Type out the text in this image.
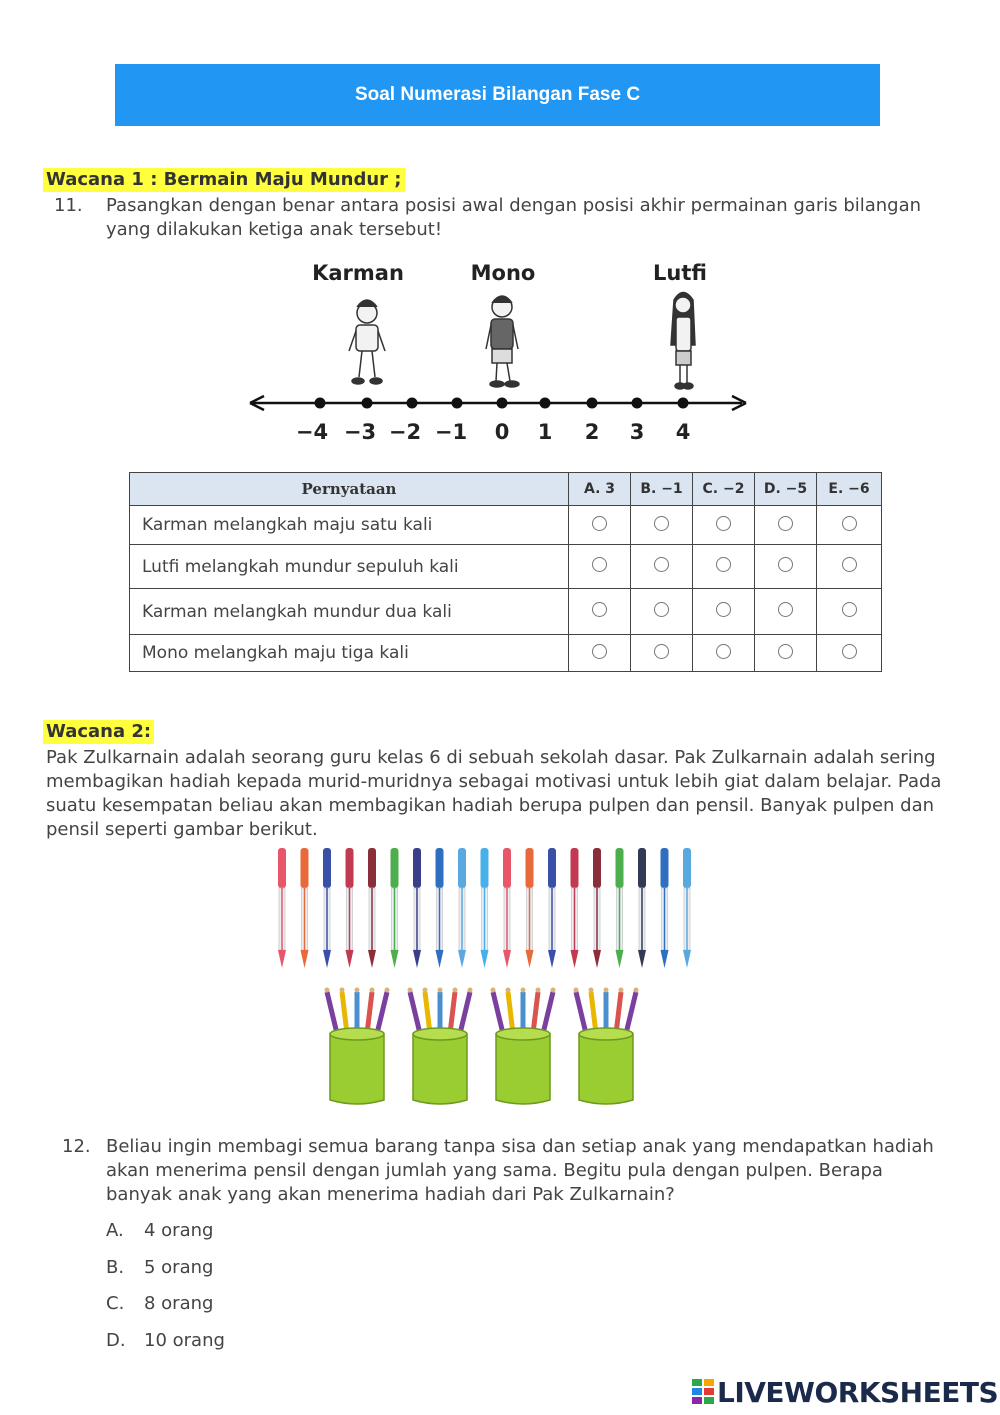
Soal Numerasi Bilangan Fase C
Wacana 1 : Bermain Maju Mundur ;
11. Pasangkan dengan benar antara posisi awal dengan posisi akhir permainan garis bilangan yang dilakukan ketiga anak tersebut!
Karman	Mono	Lutfi
−4 −3 −2 −1 0 1 2 3 4
Pernyataan	A. 3	B. −1	C. −2	D. −5	E. −6
Karman melangkah maju satu kali					
Lutfi melangkah mundur sepuluh kali					
Karman melangkah mundur dua kali					
Mono melangkah maju tiga kali					
Wacana 2:
Pak Zulkarnain adalah seorang guru kelas 6 di sebuah sekolah dasar. Pak Zulkarnain adalah sering membagikan hadiah kepada murid-muridnya sebagai motivasi untuk lebih giat dalam belajar. Pada suatu kesempatan beliau akan membagikan hadiah berupa pulpen dan pensil. Banyak pulpen dan pensil seperti gambar berikut.
12. Beliau ingin membagi semua barang tanpa sisa dan setiap anak yang mendapatkan hadiah akan menerima pensil dengan jumlah yang sama. Begitu pula dengan pulpen. Berapa banyak anak yang akan menerima hadiah dari Pak Zulkarnain?
A. 4 orang
B. 5 orang
C. 8 orang
D. 10 orang
LIVEWORKSHEETS
